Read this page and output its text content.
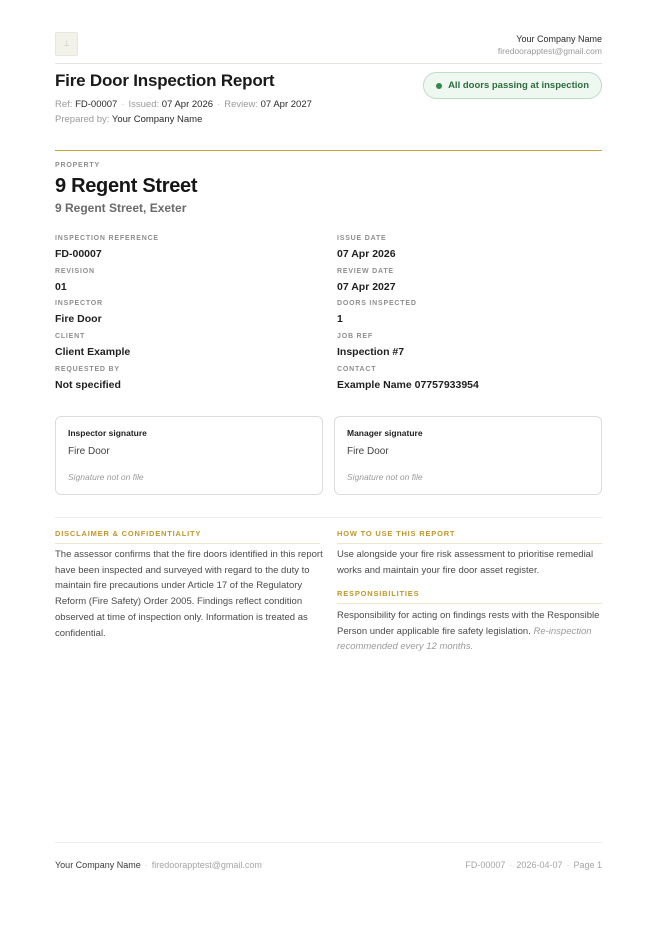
⊥	Your Company Name
firedoorapptest@gmail.com
Fire Door Inspection Report
Ref: FD-00007 · Issued: 07 Apr 2026 · Review: 07 Apr 2027
Prepared by: Your Company Name
All doors passing at inspection
PROPERTY
9 Regent Street
9 Regent Street, Exeter
INSPECTION REFERENCE
FD-00007
REVISION
01
INSPECTOR
Fire Door
CLIENT
Client Example
REQUESTED BY
Not specified
ISSUE DATE
07 Apr 2026
REVIEW DATE
07 Apr 2027
DOORS INSPECTED
1
JOB REF
Inspection #7
CONTACT
Example Name 07757933954
Inspector signature
Fire Door
Signature not on file
Manager signature
Fire Door
Signature not on file
DISCLAIMER & CONFIDENTIALITY
The assessor confirms that the fire doors identified in this report have been inspected and surveyed with regard to the duty to maintain fire precautions under Article 17 of the Regulatory Reform (Fire Safety) Order 2005. Findings reflect condition observed at time of inspection only. Information is treated as confidential.
HOW TO USE THIS REPORT
Use alongside your fire risk assessment to prioritise remedial works and maintain your fire door asset register.
RESPONSIBILITIES
Responsibility for acting on findings rests with the Responsible Person under applicable fire safety legislation. Re-inspection recommended every 12 months.
Your Company Name · firedoorapptest@gmail.com	FD-00007 · 2026-04-07 · Page 1
